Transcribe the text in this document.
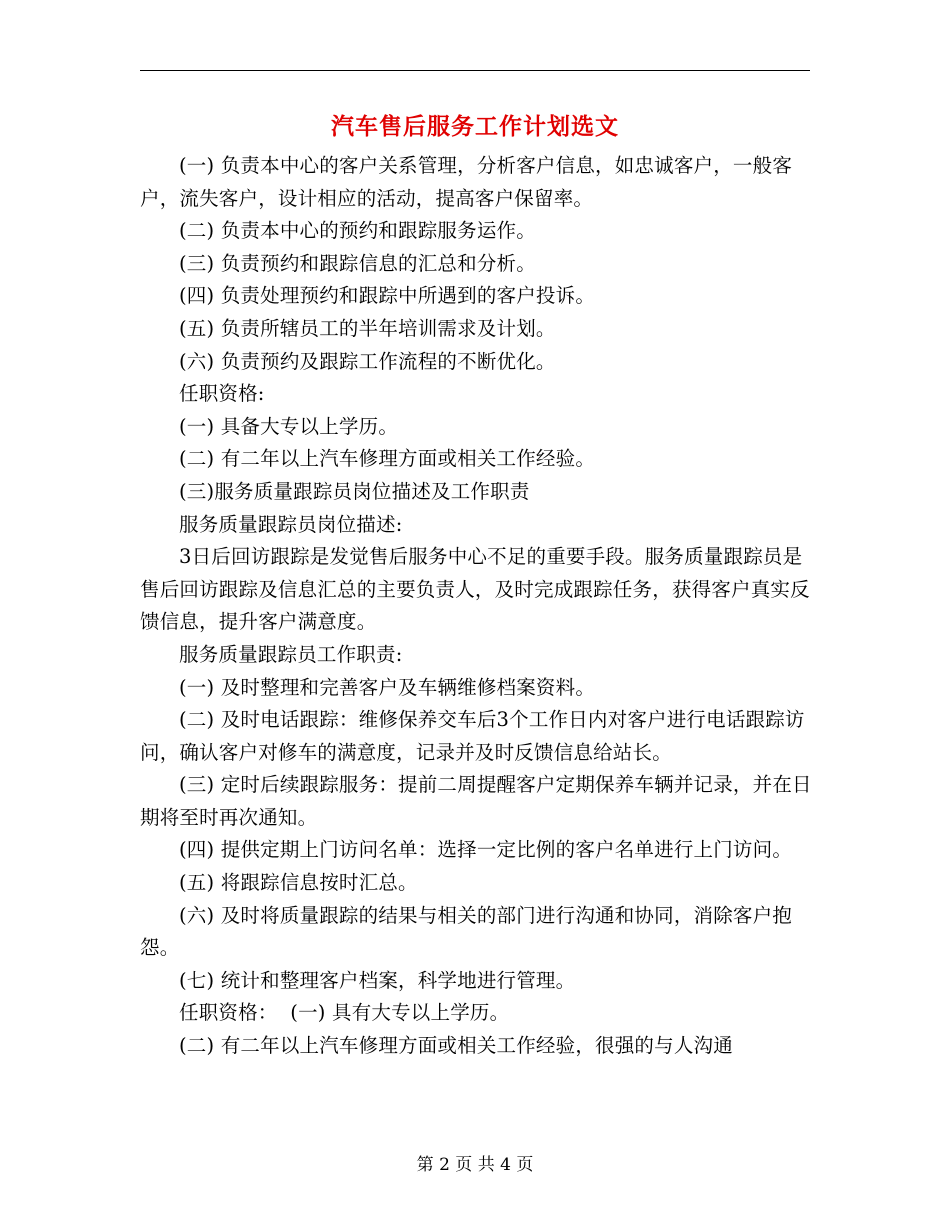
汽车售后服务工作计划选文

(一) 负责本中心的客户关系管理，分析客户信息，如忠诚客户，一般客户，流失客户，设计相应的活动，提高客户保留率。

(二) 负责本中心的预约和跟踪服务运作。

(三) 负责预约和跟踪信息的汇总和分析。

(四) 负责处理预约和跟踪中所遇到的客户投诉。

(五) 负责所辖员工的半年培训需求及计划。

(六) 负责预约及跟踪工作流程的不断优化。

任职资格:

(一) 具备大专以上学历。

(二) 有二年以上汽车修理方面或相关工作经验。

(三)服务质量跟踪员岗位描述及工作职责

服务质量跟踪员岗位描述:

3日后回访跟踪是发觉售后服务中心不足的重要手段。服务质量跟踪员是售后回访跟踪及信息汇总的主要负责人，及时完成跟踪任务，获得客户真实反馈信息，提升客户满意度。

服务质量跟踪员工作职责:

(一) 及时整理和完善客户及车辆维修档案资料。

(二) 及时电话跟踪：维修保养交车后3个工作日内对客户进行电话跟踪访问，确认客户对修车的满意度，记录并及时反馈信息给站长。

(三) 定时后续跟踪服务：提前二周提醒客户定期保养车辆并记录，并在日期将至时再次通知。

(四) 提供定期上门访问名单：选择一定比例的客户名单进行上门访问。

(五) 将跟踪信息按时汇总。

(六) 及时将质量跟踪的结果与相关的部门进行沟通和协同，消除客户抱怨。

(七) 统计和整理客户档案，科学地进行管理。

任职资格：  (一) 具有大专以上学历。

(二) 有二年以上汽车修理方面或相关工作经验，很强的与人沟通

第 2 页 共 4 页
